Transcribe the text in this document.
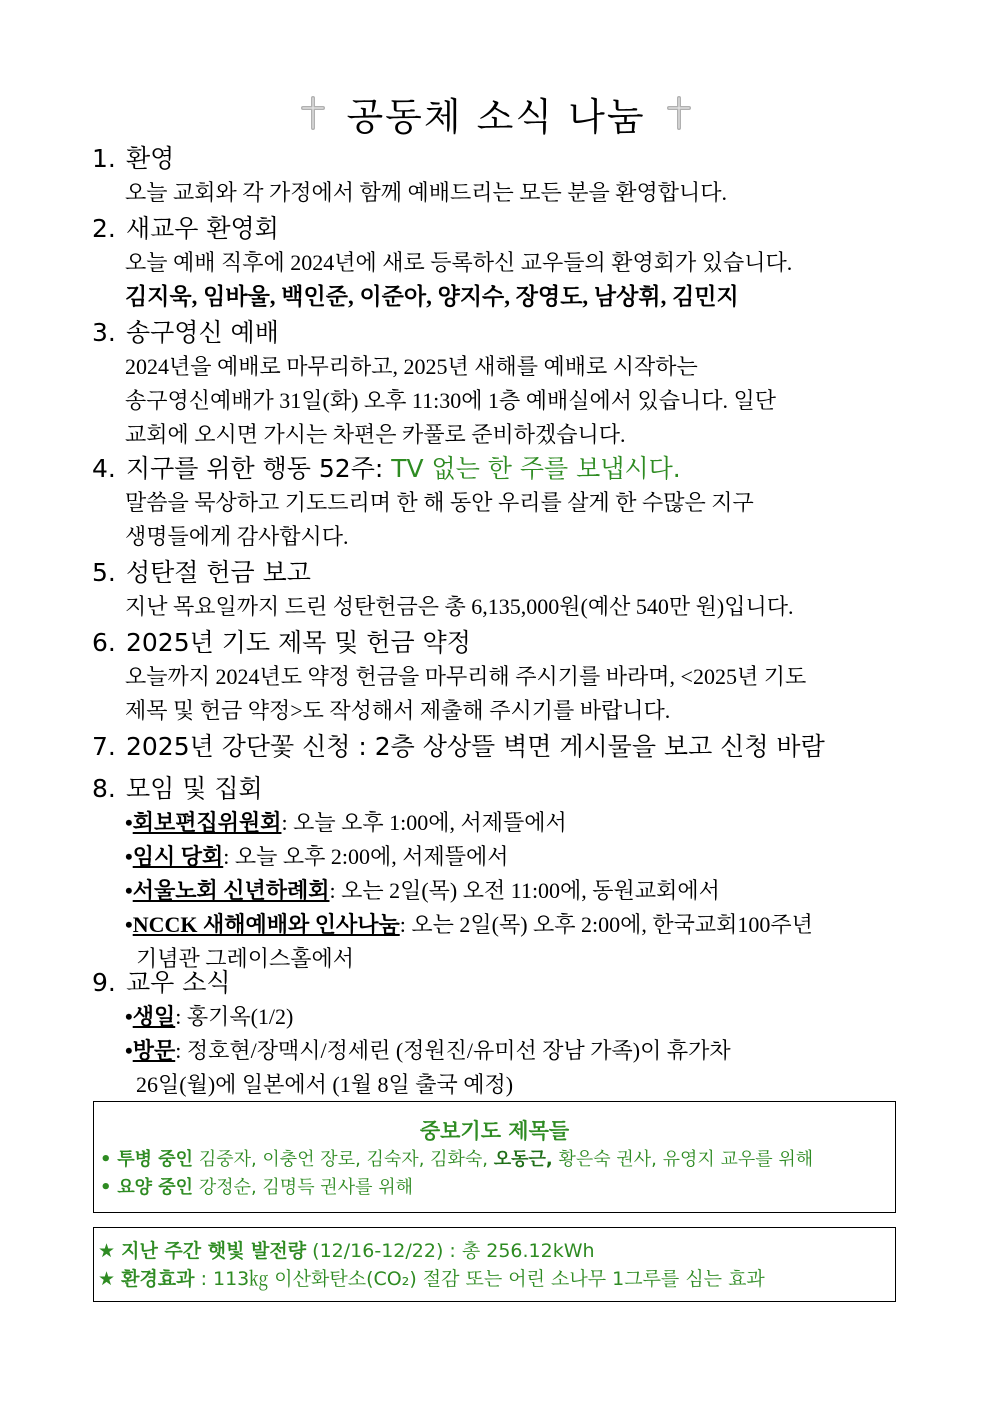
공동체 소식 나눔
1. 환영
오늘 교회와 각 가정에서 함께 예배드리는 모든 분을 환영합니다.
2. 새교우 환영회
오늘 예배 직후에 2024년에 새로 등록하신 교우들의 환영회가 있습니다.
김지욱, 임바울, 백인준, 이준아, 양지수, 장영도, 남상휘, 김민지
3. 송구영신 예배
2024년을 예배로 마무리하고, 2025년 새해를 예배로 시작하는
송구영신예배가 31일(화) 오후 11:30에 1층 예배실에서 있습니다. 일단
교회에 오시면 가시는 차편은 카풀로 준비하겠습니다.
4. 지구를 위한 행동 52주: TV 없는 한 주를 보냅시다.
말씀을 묵상하고 기도드리며 한 해 동안 우리를 살게 한 수많은 지구
생명들에게 감사합시다.
5. 성탄절 헌금 보고
지난 목요일까지 드린 성탄헌금은 총 6,135,000원(예산 540만 원)입니다.
6. 2025년 기도 제목 및 헌금 약정
오늘까지 2024년도 약정 헌금을 마무리해 주시기를 바라며, <2025년 기도
제목 및 헌금 약정>도 작성해서 제출해 주시기를 바랍니다.
7. 2025년 강단꽃 신청 : 2층 상상뜰 벽면 게시물을 보고 신청 바람
8. 모임 및 집회
•회보편집위원회: 오늘 오후 1:00에, 서제뜰에서
•임시 당회: 오늘 오후 2:00에, 서제뜰에서
•서울노회 신년하례회: 오는 2일(목) 오전 11:00에, 동원교회에서
•NCCK 새해예배와 인사나눔: 오는 2일(목) 오후 2:00에, 한국교회100주년
기념관 그레이스홀에서
9. 교우 소식
•생일: 홍기옥(1/2)
•방문: 정호현/장맥시/정세린 (정원진/유미선 장남 가족)이 휴가차
26일(월)에 일본에서 (1월 8일 출국 예정)
중보기도 제목들
• 투병 중인 김중자, 이충언 장로, 김숙자, 김화숙, 오동근, 황은숙 권사, 유영지 교우를 위해
• 요양 중인 강정순, 김명득 권사를 위해
★ 지난 주간 햇빛 발전량 (12/16-12/22) : 총 256.12kWh
★ 환경효과 : 113㎏ 이산화탄소(CO₂) 절감 또는 어린 소나무 1그루를 심는 효과
